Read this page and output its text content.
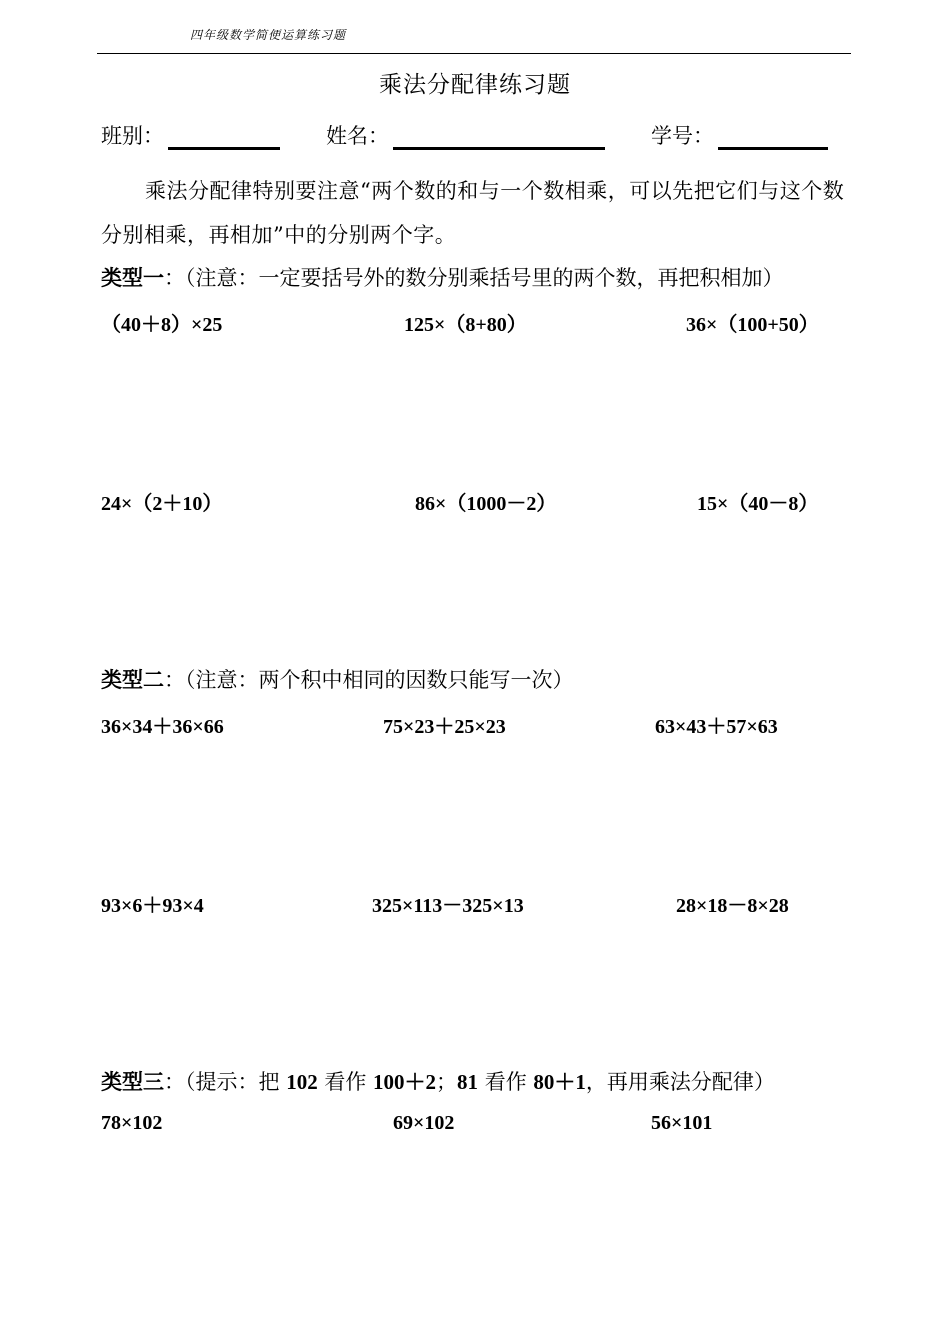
四年级数学简便运算练习题
乘法分配律练习题
班别：	姓名：	学号：
乘法分配律特别要注意“两个数的和与一个数相乘，可以先把它们与这个数分别相乘，再相加”中的分别两个字。
类型一：（注意：一定要括号外的数分别乘括号里的两个数，再把积相加）
（40＋8）×25	125×（8+80）	36×（100+50）
24×（2＋10）	86×（1000－2）	15×（40－8）
类型二：（注意：两个积中相同的因数只能写一次）
36×34＋36×66	75×23＋25×23	63×43＋57×63
93×6＋93×4	325×113－325×13	28×18－8×28
类型三：（提示：把 102 看作 100＋2；81 看作 80＋1，再用乘法分配律）
78×102	69×102	56×101
